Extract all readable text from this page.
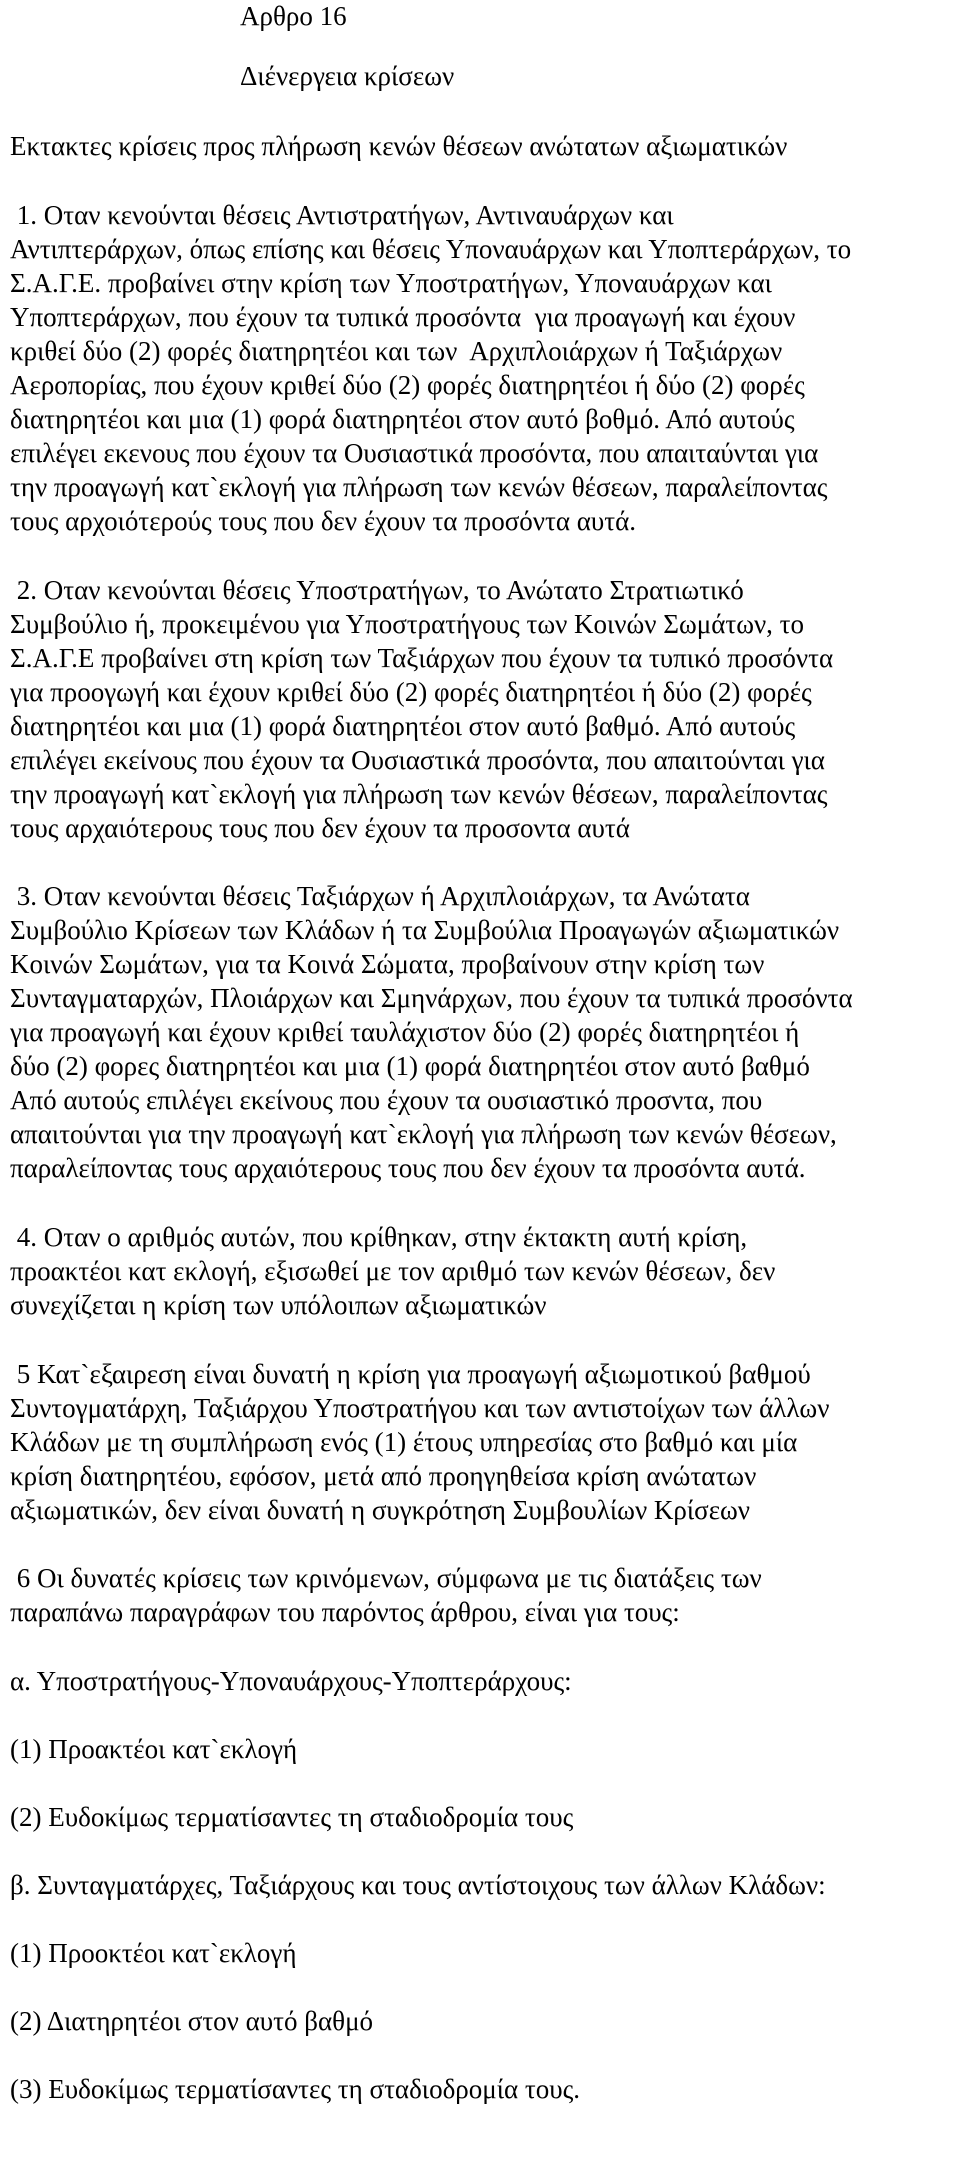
Αρθρο 16
Διένεργεια κρίσεων
Εκτακτες κρίσεις προς πλήρωση κενών θέσεων ανώτατων αξιωματικών
1. Οταν κενούνται θέσεις Αντιστρατήγων, Αντιναυάρχων και
Αντιπτεράρχων, όπως επίσης και θέσεις Υποναυάρχων και Υποπτεράρχων, το
Σ.Α.Γ.Ε. προβαίνει στην κρίση των Υποστρατήγων, Υποναυάρχων και
Υποπτεράρχων, που έχουν τα τυπικά προσόντα  για προαγωγή και έχουν
κριθεί δύο (2) φορές διατηρητέοι και των  Αρχιπλοιάρχων ή Ταξιάρχων
Αεροπορίας, που έχουν κριθεί δύο (2) φορές διατηρητέοι ή δύο (2) φορές
διατηρητέοι και μια (1) φορά διατηρητέοι στον αυτό βοθμό. Από αυτούς
επιλέγει εκενους που έχουν τα Ουσιαστικά προσόντα, που απαιταύνται για
την προαγωγή κατ`εκλογή για πλήρωση των κενών θέσεων, παραλείποντας
τους αρχοιότερούς τους που δεν έχουν τα προσόντα αυτά.
2. Οταν κενούνται θέσεις Υποστρατήγων, το Ανώτατο Στρατιωτικό
Συμβούλιο ή, προκειμένου για Υποστρατήγους των Κοινών Σωμάτων, το
Σ.Α.Γ.Ε προβαίνει στη κρίση των Ταξιάρχων που έχουν τα τυπικό προσόντα
για προογωγή και έχουν κριθεί δύο (2) φορές διατηρητέοι ή δύο (2) φορές
διατηρητέοι και μια (1) φορά διατηρητέοι στον αυτό βαθμό. Από αυτούς
επιλέγει εκείνους που έχουν τα Ουσιαστικά προσόντα, που απαιτούνται για
την προαγωγή κατ`εκλογή για πλήρωση των κενών θέσεων, παραλείποντας
τους αρχαιότερους τους που δεν έχουν τα προσοντα αυτά
3. Οταν κενούνται θέσεις Ταξιάρχων ή Αρχιπλοιάρχων, τα Ανώτατα
Συμβούλιο Κρίσεων των Κλάδων ή τα Συμβούλια Προαγωγών αξιωματικών
Κοινών Σωμάτων, για τα Κοινά Σώματα, προβαίνουν στην κρίση των
Συνταγματαρχών, Πλοιάρχων και Σμηνάρχων, που έχουν τα τυπικά προσόντα
για προαγωγή και έχουν κριθεί ταυλάχιστον δύο (2) φορές διατηρητέοι ή
δύο (2) φορες διατηρητέοι και μια (1) φορά διατηρητέοι στον αυτό βαθμό
Από αυτούς επιλέγει εκείνους που έχουν τα ουσιαστικό προσντα, που
απαιτούνται για την προαγωγή κατ`εκλογή για πλήρωση των κενών θέσεων,
παραλείποντας τους αρχαιότερους τους που δεν έχουν τα προσόντα αυτά.
4. Οταν ο αριθμός αυτών, που κρίθηκαν, στην έκτακτη αυτή κρίση,
προακτέοι κατ εκλογή, εξισωθεί με τον αριθμό των κενών θέσεων, δεν
συνεχίζεται η κρίση των υπόλοιπων αξιωματικών
5 Κατ`εξαιρεση είναι δυνατή η κρίση για προαγωγή αξιωμοτικού βαθμού
Συντογματάρχη, Ταξιάρχου Υποστρατήγου και των αντιστοίχων των άλλων
Κλάδων με τη συμπλήρωση ενός (1) έτους υπηρεσίας στο βαθμό και μία
κρίση διατηρητέου, εφόσον, μετά από προηγηθείσα κρίση ανώτατων
αξιωματικών, δεν είναι δυνατή η συγκρότηση Συμβουλίων Κρίσεων
6 Οι δυνατές κρίσεις των κρινόμενων, σύμφωνα με τις διατάξεις των
παραπάνω παραγράφων του παρόντος άρθρου, είναι για τους:
α. Υποστρατήγους-Υποναυάρχους-Υποπτεράρχους:
(1) Προακτέοι κατ`εκλογή
(2) Ευδοκίμως τερματίσαντες τη σταδιοδρομία τους
β. Συνταγματάρχες, Ταξιάρχους και τους αντίστοιχους των άλλων Κλάδων:
(1) Προοκτέοι κατ`εκλογή
(2) Διατηρητέοι στον αυτό βαθμό
(3) Ευδοκίμως τερματίσαντες τη σταδιοδρομία τους.
